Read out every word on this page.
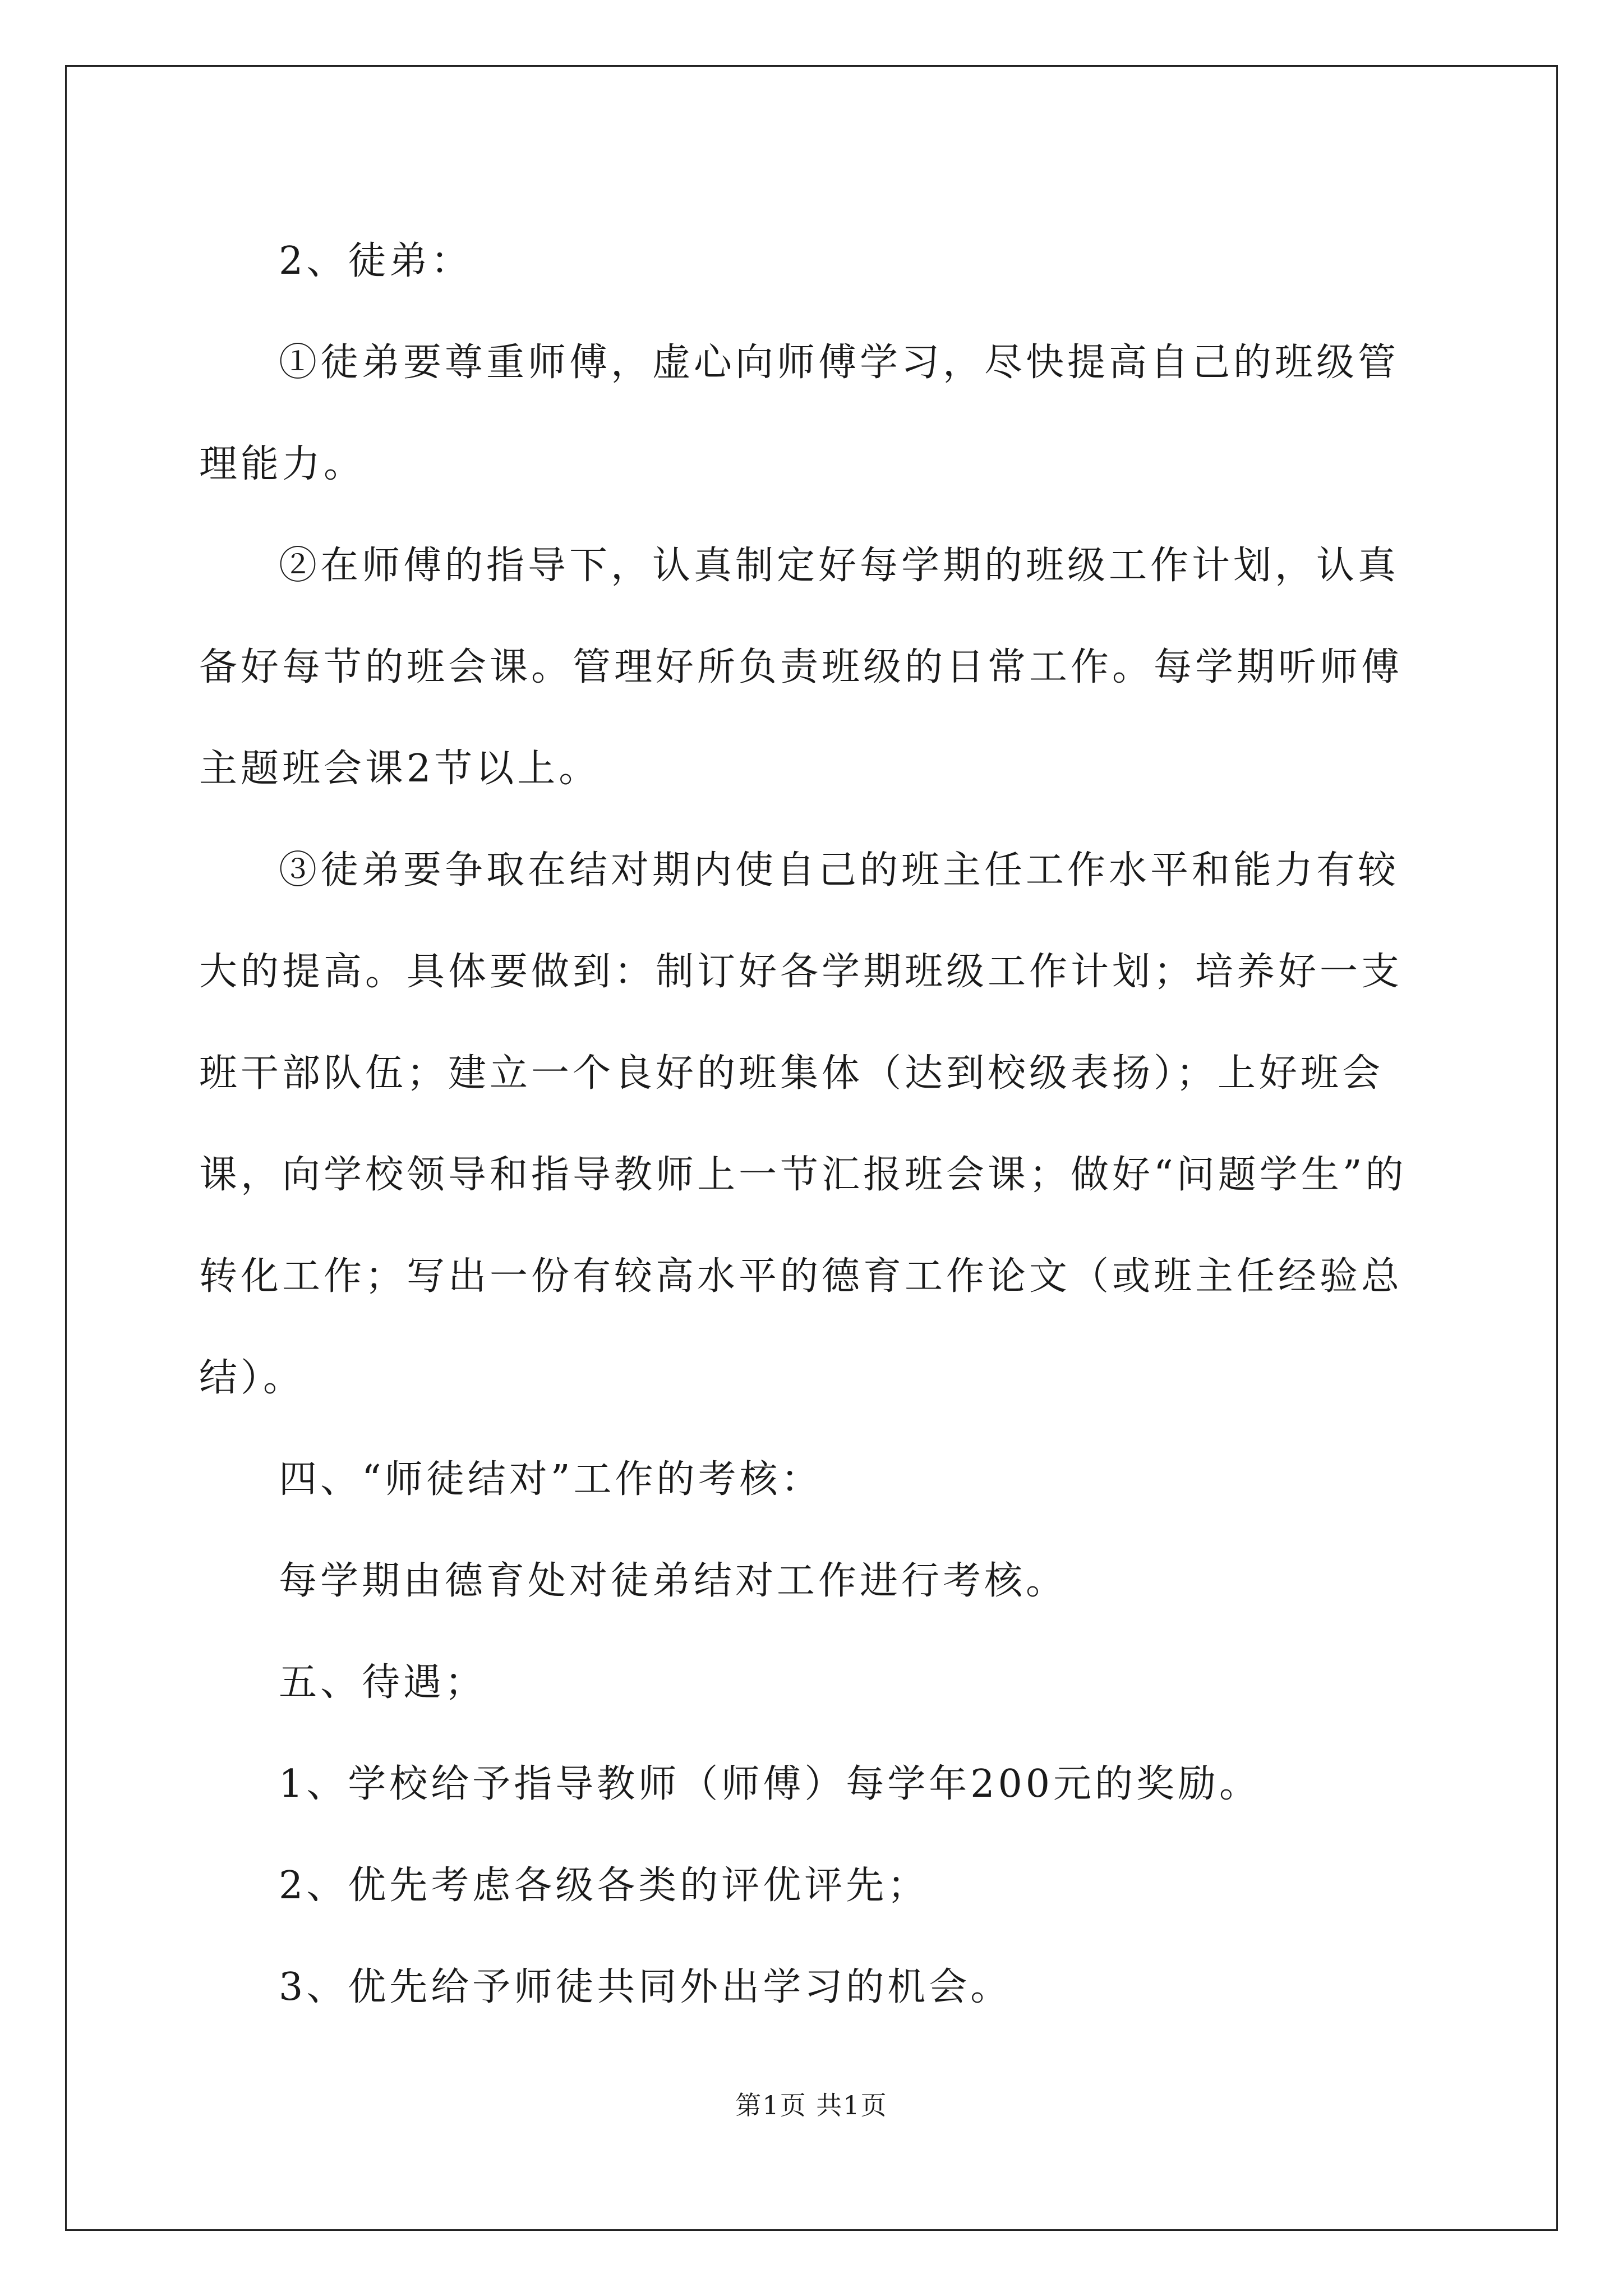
2、徒弟：

①徒弟要尊重师傅，虚心向师傅学习，尽快提高自己的班级管理能力。

②在师傅的指导下，认真制定好每学期的班级工作计划，认真备好每节的班会课。管理好所负责班级的日常工作。每学期听师傅主题班会课2节以上。

③徒弟要争取在结对期内使自己的班主任工作水平和能力有较大的提高。具体要做到：制订好各学期班级工作计划；培养好一支班干部队伍；建立一个良好的班集体（达到校级表扬）；上好班会课，向学校领导和指导教师上一节汇报班会课；做好“问题学生”的转化工作；写出一份有较高水平的德育工作论文（或班主任经验总结）。

四、“师徒结对”工作的考核：

每学期由德育处对徒弟结对工作进行考核。

五、待遇；

1、学校给予指导教师（师傅）每学年200元的奖励。

2、优先考虑各级各类的评优评先；

3、优先给予师徒共同外出学习的机会。

第1页 共1页
